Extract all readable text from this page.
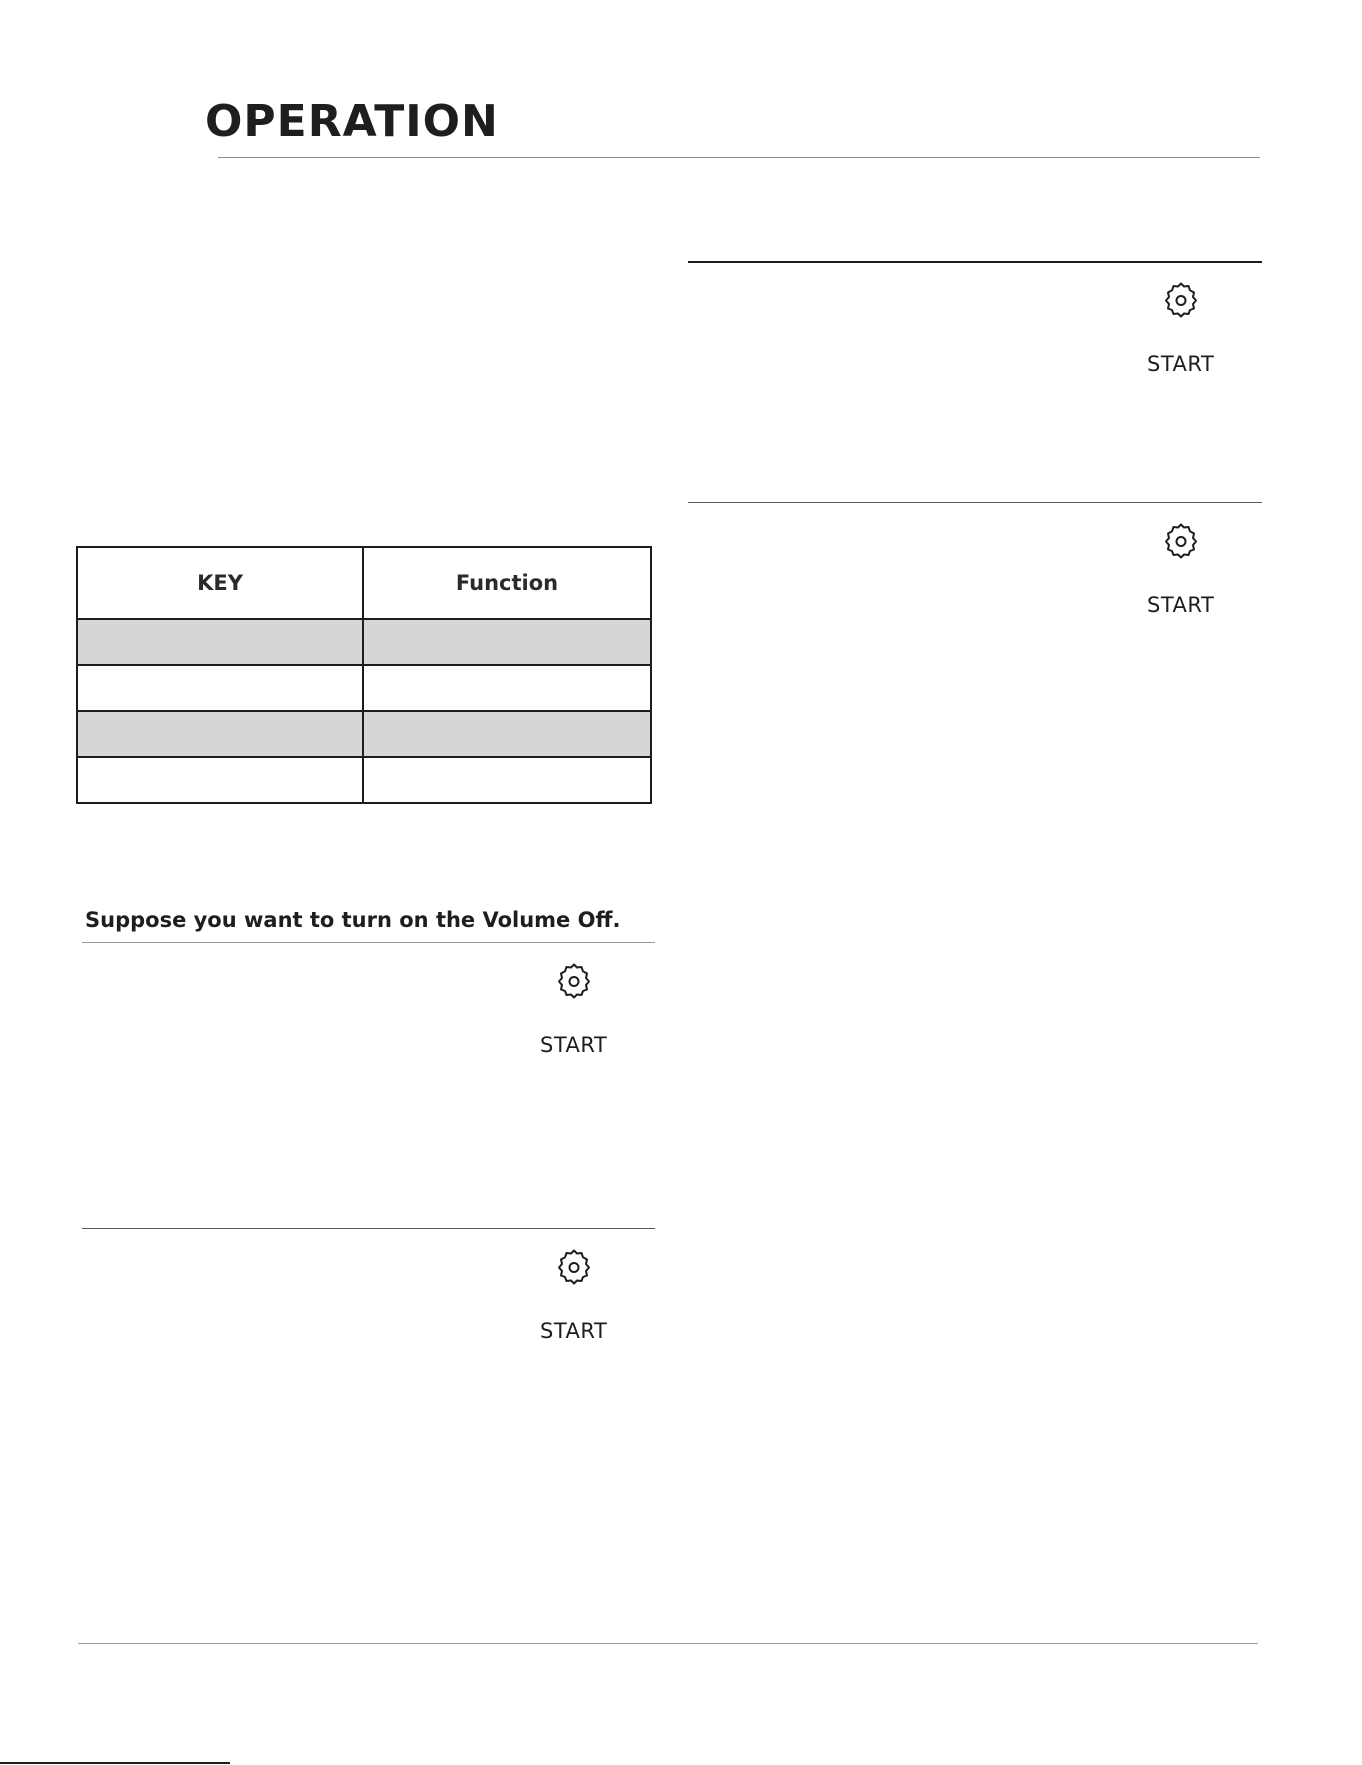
OPERATION
KEY	Function

Suppose you want to turn on the Volume Off.
START
START
START
START
